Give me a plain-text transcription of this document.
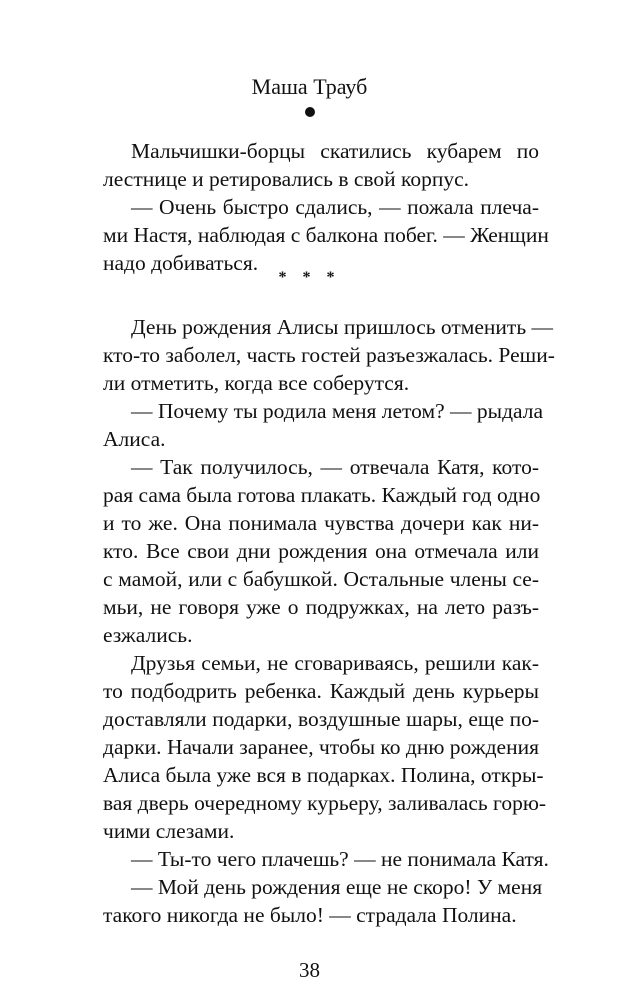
Маша Трауб
Мальчишки-борцы скатились кубарем по
лестнице и ретировались в свой корпус.
— Очень быстро сдались, — пожала плеча-
ми Настя, наблюдая с балкона побег. — Женщин
надо добиваться.
* * *
День рождения Алисы пришлось отменить —
кто-то заболел, часть гостей разъезжалась. Реши-
ли отметить, когда все соберутся.
— Почему ты родила меня летом? — рыдала
Алиса.
— Так получилось, — отвечала Катя, кото-
рая сама была готова плакать. Каждый год одно
и то же. Она понимала чувства дочери как ни-
кто. Все свои дни рождения она отмечала или
с мамой, или с бабушкой. Остальные члены се-
мьи, не говоря уже о подружках, на лето разъ-
езжались.
Друзья семьи, не сговариваясь, решили как-
то подбодрить ребенка. Каждый день курьеры
доставляли подарки, воздушные шары, еще по-
дарки. Начали заранее, чтобы ко дню рождения
Алиса была уже вся в подарках. Полина, откры-
вая дверь очередному курьеру, заливалась горю-
чими слезами.
— Ты-то чего плачешь? — не понимала Катя.
— Мой день рождения еще не скоро! У меня
такого никогда не было! — страдала Полина.
38
